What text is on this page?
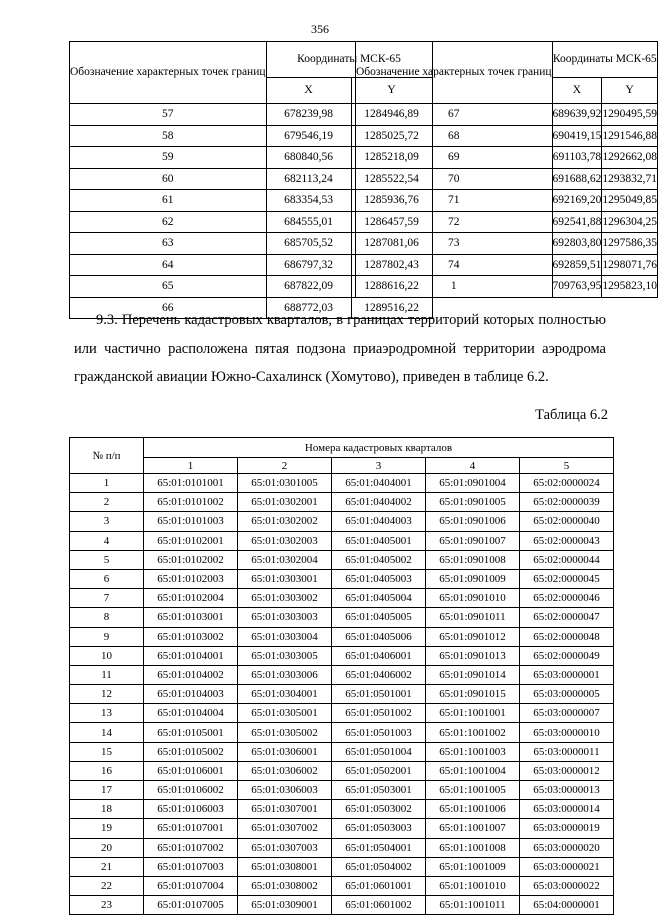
356
Обозначение характерных точек границ	Координаты МСК-65	
	X	Y
57	678239,98	1284946,89
58	679546,19	1285025,72
59	680840,56	1285218,09
60	682113,24	1285522,54
61	683354,53	1285936,76
62	684555,01	1286457,59
63	685705,52	1287081,06
64	686797,32	1287802,43
65	687822,09	1288616,22
66	688772,03	1289516,22
Обозначение характерных точек границ	Координаты МСК-65	
	X	Y
67	689639,92	1290495,59
68	690419,15	1291546,88
69	691103,78	1292662,08
70	691688,62	1293832,71
71	692169,20	1295049,85
72	692541,88	1296304,25
73	692803,80	1297586,35
74	692859,51	1298071,76
1	709763,95	1295823,10
9.3. Перечень кадастровых кварталов, в границах территорий которых полностью или частично расположена пятая подзона приаэродромной территории аэродрома гражданской авиации Южно-Сахалинск (Хомутово), приведен в таблице 6.2.
Таблица 6.2
№ п/п	Номера кадастровых кварталов				
	1	2	3	4	5
1	65:01:0101001	65:01:0301005	65:01:0404001	65:01:0901004	65:02:0000024
2	65:01:0101002	65:01:0302001	65:01:0404002	65:01:0901005	65:02:0000039
3	65:01:0101003	65:01:0302002	65:01:0404003	65:01:0901006	65:02:0000040
4	65:01:0102001	65:01:0302003	65:01:0405001	65:01:0901007	65:02:0000043
5	65:01:0102002	65:01:0302004	65:01:0405002	65:01:0901008	65:02:0000044
6	65:01:0102003	65:01:0303001	65:01:0405003	65:01:0901009	65:02:0000045
7	65:01:0102004	65:01:0303002	65:01:0405004	65:01:0901010	65:02:0000046
8	65:01:0103001	65:01:0303003	65:01:0405005	65:01:0901011	65:02:0000047
9	65:01:0103002	65:01:0303004	65:01:0405006	65:01:0901012	65:02:0000048
10	65:01:0104001	65:01:0303005	65:01:0406001	65:01:0901013	65:02:0000049
11	65:01:0104002	65:01:0303006	65:01:0406002	65:01:0901014	65:03:0000001
12	65:01:0104003	65:01:0304001	65:01:0501001	65:01:0901015	65:03:0000005
13	65:01:0104004	65:01:0305001	65:01:0501002	65:01:1001001	65:03:0000007
14	65:01:0105001	65:01:0305002	65:01:0501003	65:01:1001002	65:03:0000010
15	65:01:0105002	65:01:0306001	65:01:0501004	65:01:1001003	65:03:0000011
16	65:01:0106001	65:01:0306002	65:01:0502001	65:01:1001004	65:03:0000012
17	65:01:0106002	65:01:0306003	65:01:0503001	65:01:1001005	65:03:0000013
18	65:01:0106003	65:01:0307001	65:01:0503002	65:01:1001006	65:03:0000014
19	65:01:0107001	65:01:0307002	65:01:0503003	65:01:1001007	65:03:0000019
20	65:01:0107002	65:01:0307003	65:01:0504001	65:01:1001008	65:03:0000020
21	65:01:0107003	65:01:0308001	65:01:0504002	65:01:1001009	65:03:0000021
22	65:01:0107004	65:01:0308002	65:01:0601001	65:01:1001010	65:03:0000022
23	65:01:0107005	65:01:0309001	65:01:0601002	65:01:1001011	65:04:0000001
